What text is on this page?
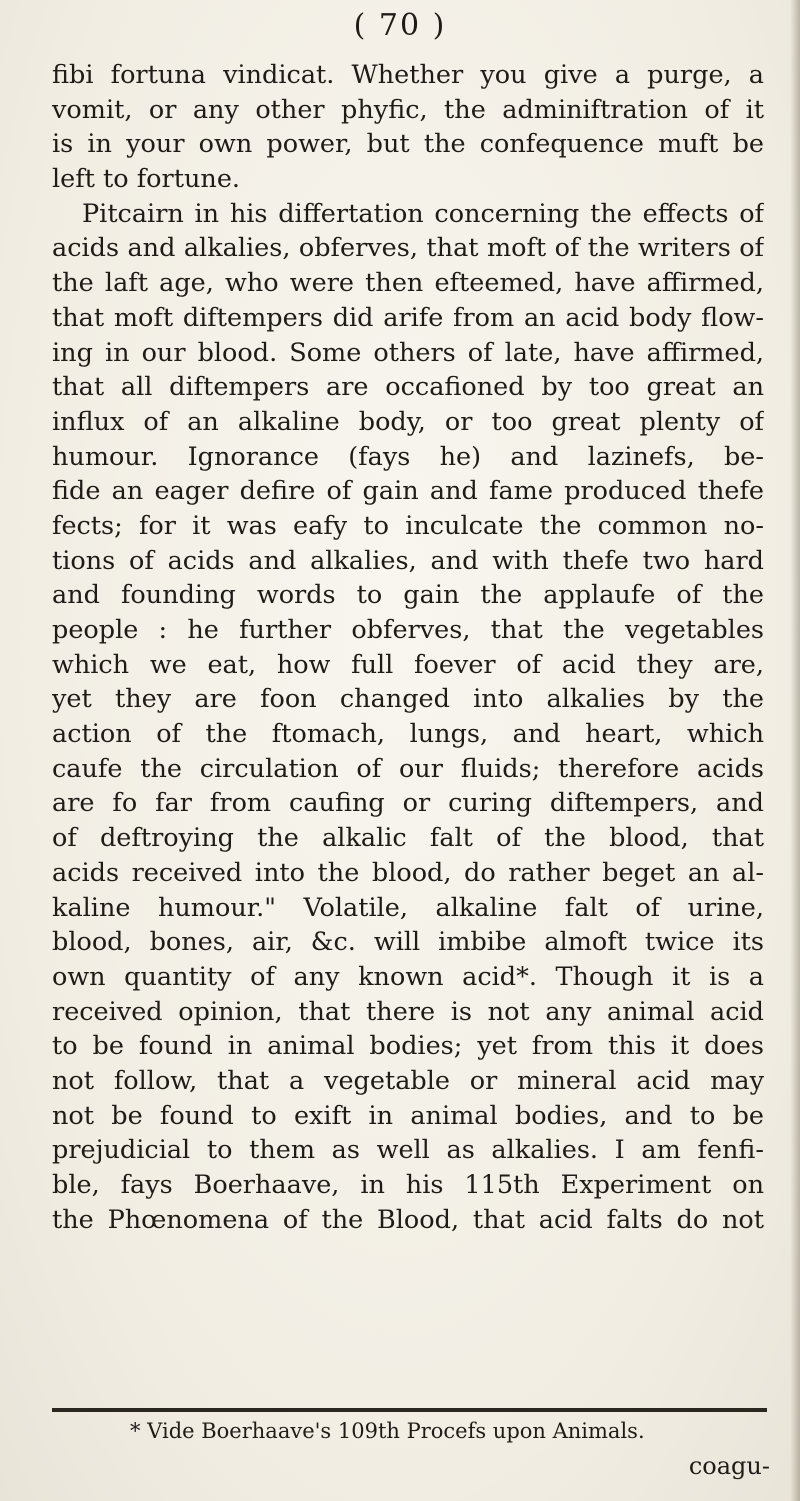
( 70 )
fibi fortuna vindicat. Whether you give a purge, a
vomit, or any other phyfic, the adminiftration of it
is in your own power, but the confequence muft be
left to fortune.
Pitcairn in his differtation concerning the effects of
acids and alkalies, obferves, that moft of the writers of
the laft age, who were then efteemed, have affirmed,
that moft diftempers did arife from an acid body flow-
ing in our blood. Some others of late, have affirmed,
that all diftempers are occafioned by too great an
influx of an alkaline body, or too great plenty of
humour. Ignorance (fays he) and lazinefs, be-
fide an eager defire of gain and fame produced thefe
fects; for it was eafy to inculcate the common no-
tions of acids and alkalies, and with thefe two hard
and founding words to gain the applaufe of the
people : he further obferves, that the vegetables
which we eat, how full foever of acid they are,
yet they are foon changed into alkalies by the
action of the ftomach, lungs, and heart, which
caufe the circulation of our fluids; therefore acids
are fo far from caufing or curing diftempers, and
of deftroying the alkalic falt of the blood, that
acids received into the blood, do rather beget an al-
kaline humour." Volatile, alkaline falt of urine,
blood, bones, air, &c. will imbibe almoft twice its
own quantity of any known acid*. Though it is a
received opinion, that there is not any animal acid
to be found in animal bodies; yet from this it does
not follow, that a vegetable or mineral acid may
not be found to exift in animal bodies, and to be
prejudicial to them as well as alkalies. I am fenfi-
ble, fays Boerhaave, in his 115th Experiment on
the Phœnomena of the Blood, that acid falts do not
* Vide Boerhaave's 109th Procefs upon Animals.
coagu-
